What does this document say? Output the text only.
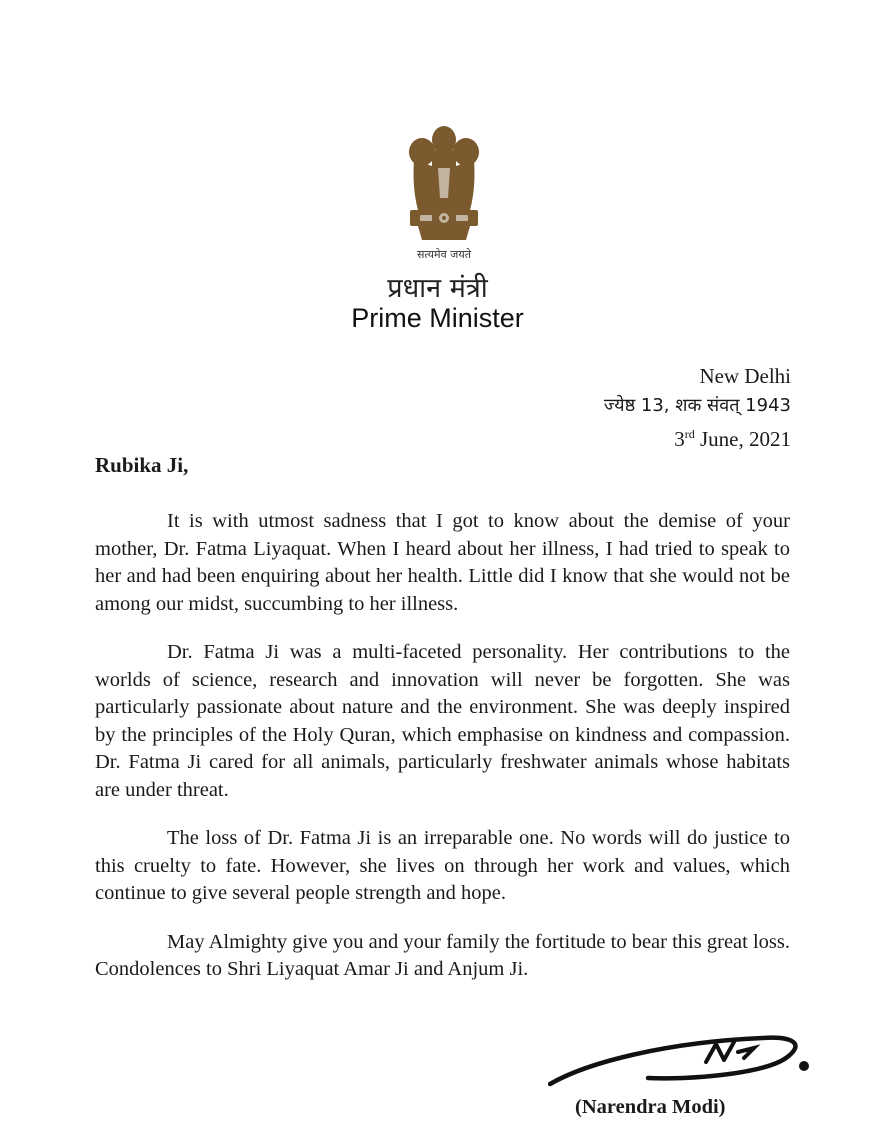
सत्यमेव जयते
प्रधान मंत्री
Prime Minister
New Delhi
ज्येष्ठ 13, शक संवत् 1943
3rd June, 2021
Rubika Ji,

It is with utmost sadness that I got to know about the demise of your mother, Dr. Fatma Liyaquat. When I heard about her illness, I had tried to speak to her and had been enquiring about her health. Little did I know that she would not be among our midst, succumbing to her illness.

Dr. Fatma Ji was a multi-faceted personality. Her contributions to the worlds of science, research and innovation will never be forgotten. She was particularly passionate about nature and the environment. She was deeply inspired by the principles of the Holy Quran, which emphasise on kindness and compassion. Dr. Fatma Ji cared for all animals, particularly freshwater animals whose habitats are under threat.

The loss of Dr. Fatma Ji is an irreparable one. No words will do justice to this cruelty to fate. However, she lives on through her work and values, which continue to give several people strength and hope.

May Almighty give you and your family the fortitude to bear this great loss. Condolences to Shri Liyaquat Amar Ji and Anjum Ji.

(Narendra Modi)
